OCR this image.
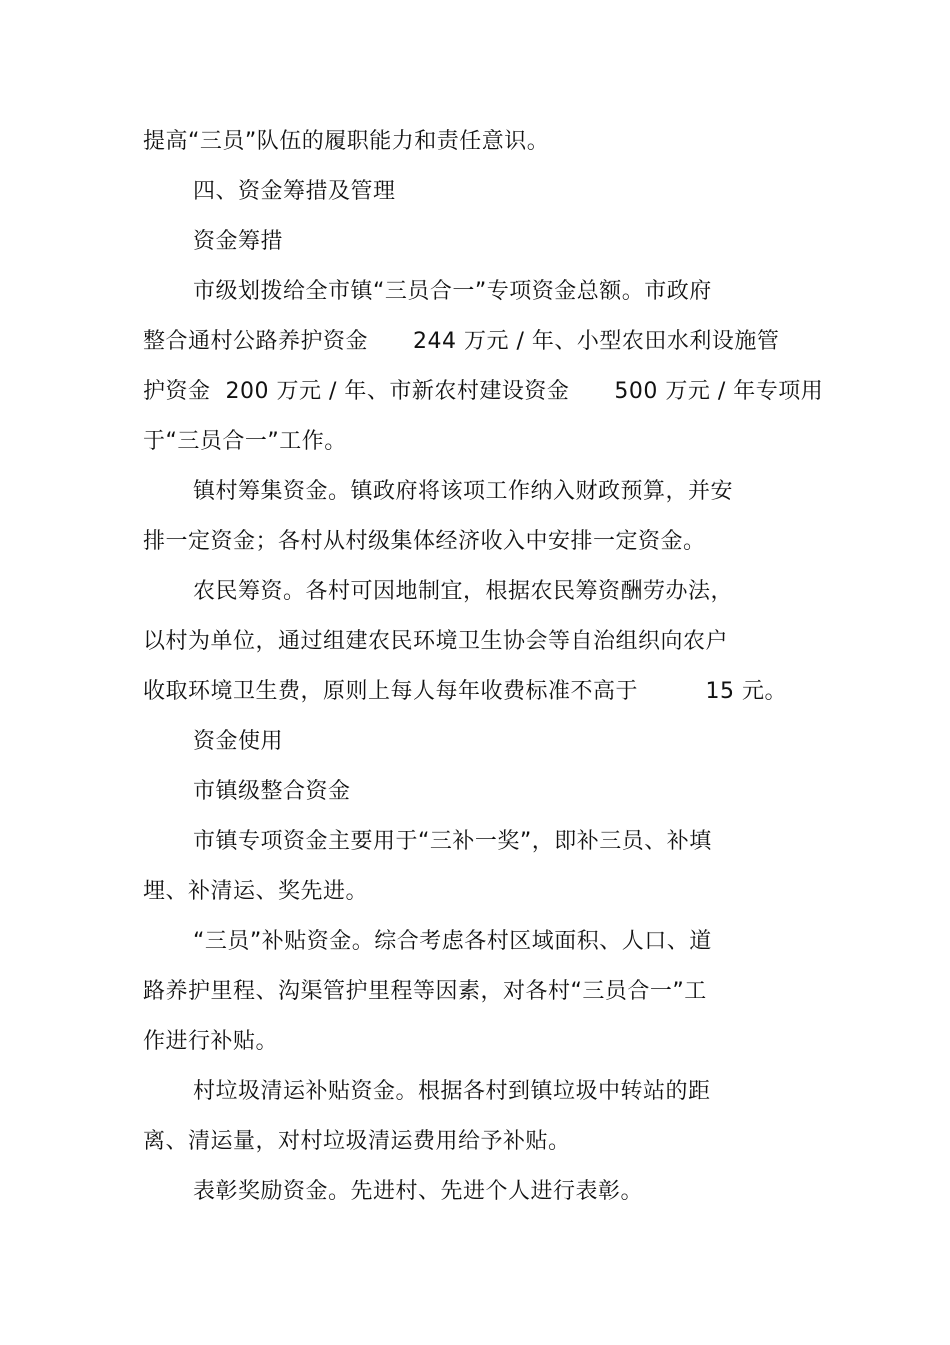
提高“三员”队伍的履职能力和责任意识。
四、资金筹措及管理
资金筹措
市级划拨给全市镇“三员合一”专项资金总额。市政府
整合通村公路养护资金　　244 万元 / 年、小型农田水利设施管
护资金  200 万元 / 年、市新农村建设资金　　500 万元 / 年专项用
于“三员合一”工作。
镇村筹集资金。镇政府将该项工作纳入财政预算，并安
排一定资金；各村从村级集体经济收入中安排一定资金。
农民筹资。各村可因地制宜，根据农民筹资酬劳办法，
以村为单位，通过组建农民环境卫生协会等自治组织向农户
收取环境卫生费，原则上每人每年收费标准不高于　　　15 元。
资金使用
市镇级整合资金
市镇专项资金主要用于“三补一奖”，即补三员、补填
埋、补清运、奖先进。
“三员”补贴资金。综合考虑各村区域面积、人口、道
路养护里程、沟渠管护里程等因素，对各村“三员合一”工
作进行补贴。
村垃圾清运补贴资金。根据各村到镇垃圾中转站的距
离、清运量，对村垃圾清运费用给予补贴。
表彰奖励资金。先进村、先进个人进行表彰。
